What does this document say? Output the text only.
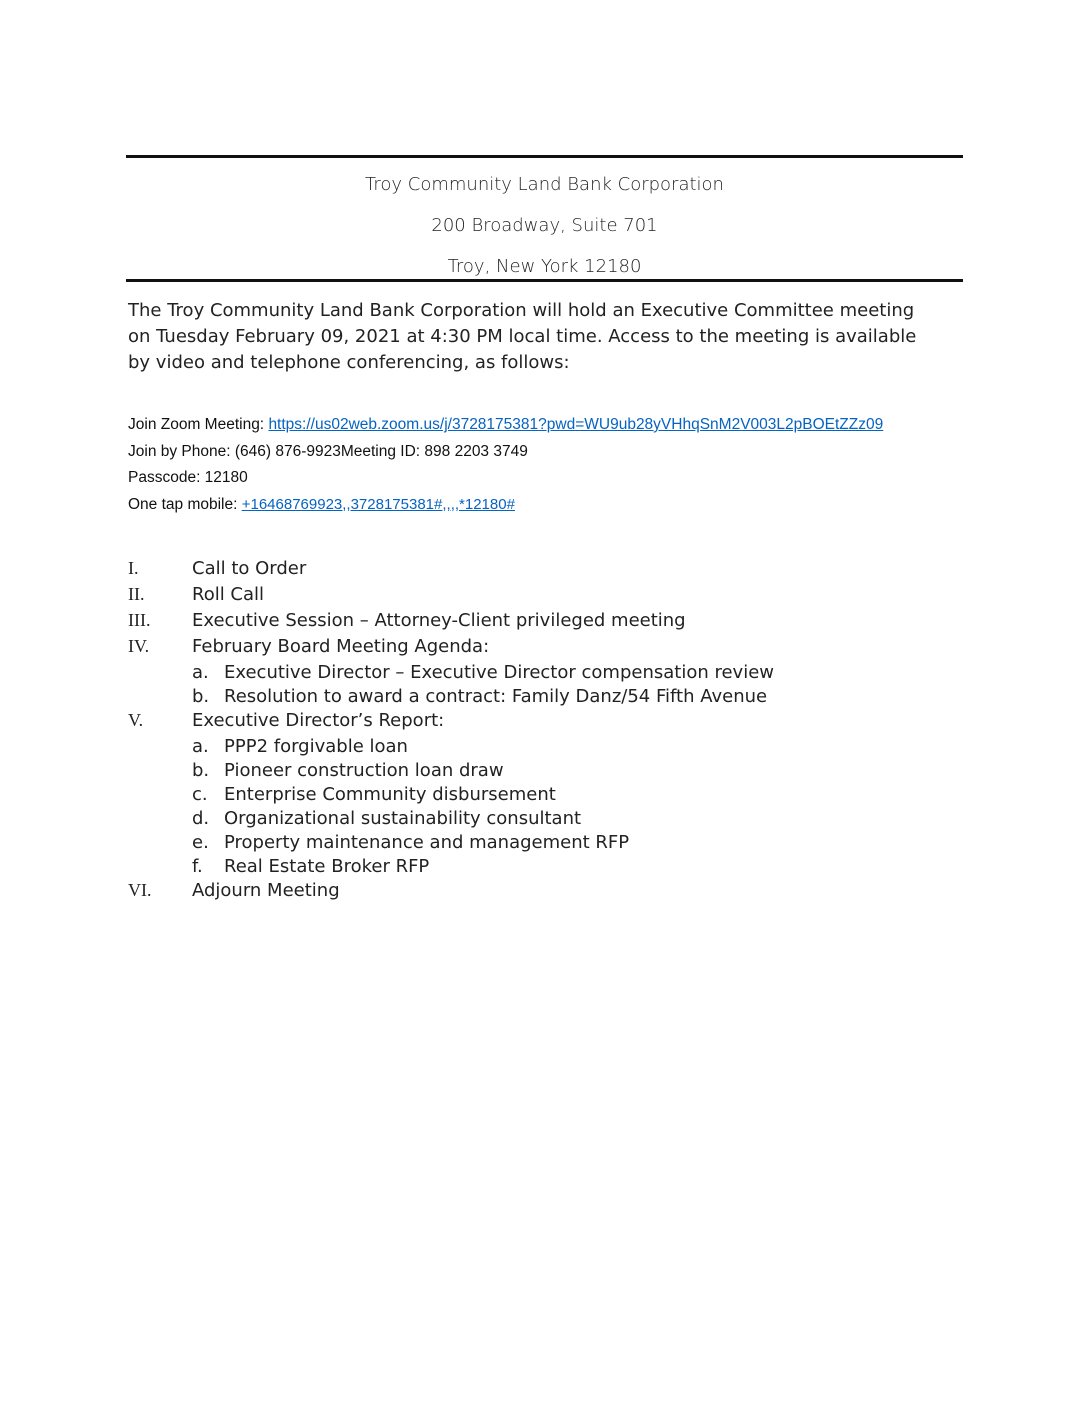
Troy Community Land Bank Corporation
200 Broadway, Suite 701
Troy, New York 12180
The Troy Community Land Bank Corporation will hold an Executive Committee meeting
on Tuesday February 09, 2021 at 4:30 PM local time. Access to the meeting is available
by video and telephone conferencing, as follows:
Join Zoom Meeting: https://us02web.zoom.us/j/3728175381?pwd=WU9ub28yVHhqSnM2V003L2pBOEtZZz09
Join by Phone: (646) 876-9923Meeting ID: 898 2203 3749
Passcode: 12180
One tap mobile: +16468769923,,3728175381#,,,,*12180#
I.	Call to Order
II.	Roll Call
III. Executive Session – Attorney-Client privileged meeting
IV. February Board Meeting Agenda:
a. Executive Director – Executive Director compensation review
b. Resolution to award a contract: Family Danz/54 Fifth Avenue
V.	Executive Director’s Report:
a. PPP2 forgivable loan
b. Pioneer construction loan draw
c. Enterprise Community disbursement
d. Organizational sustainability consultant
e. Property maintenance and management RFP
f. Real Estate Broker RFP
VI. Adjourn Meeting
